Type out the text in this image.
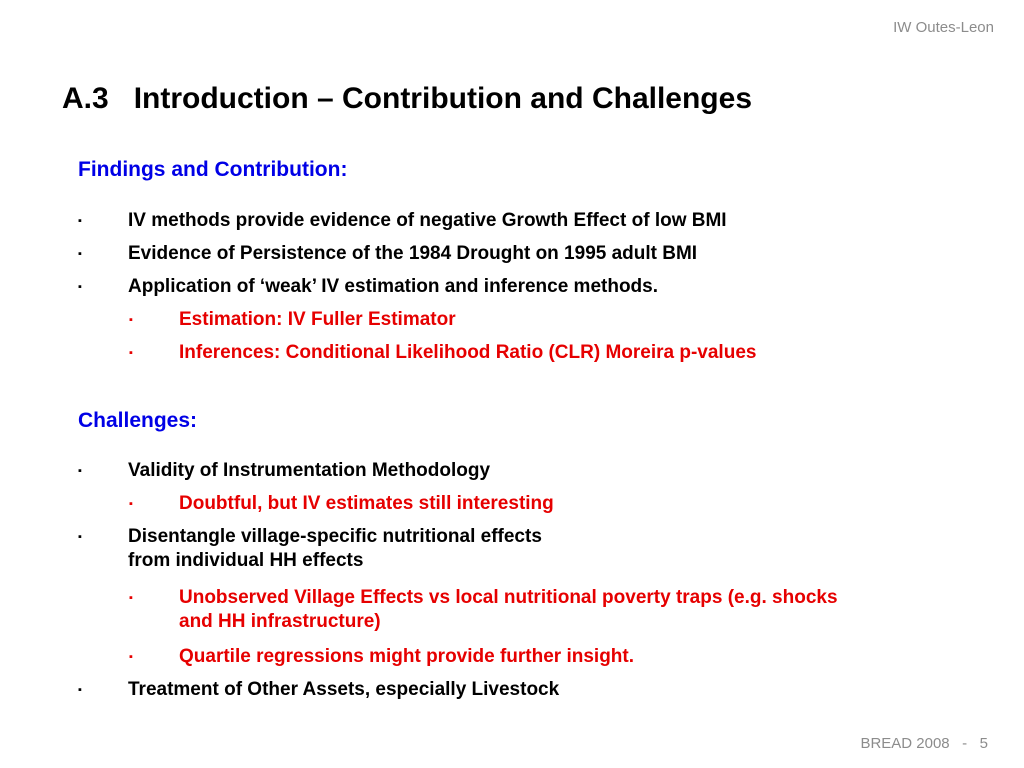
IW Outes-Leon
A.3   Introduction – Contribution and Challenges
Findings and Contribution:
▪ IV methods provide evidence of negative Growth Effect of low BMI
▪ Evidence of Persistence of the 1984 Drought on 1995 adult BMI
▪ Application of ‘weak’ IV estimation and inference methods.
▪ Estimation: IV Fuller Estimator
▪ Inferences: Conditional Likelihood Ratio (CLR) Moreira p-values
Challenges:
▪ Validity of Instrumentation Methodology
▪ Doubtful, but IV estimates still interesting
▪ Disentangle village-specific nutritional effects
from individual HH effects
▪ Unobserved Village Effects vs local nutritional poverty traps (e.g. shocks
and HH infrastructure)
▪ Quartile regressions might provide further insight.
▪ Treatment of Other Assets, especially Livestock
BREAD 2008   -   5
